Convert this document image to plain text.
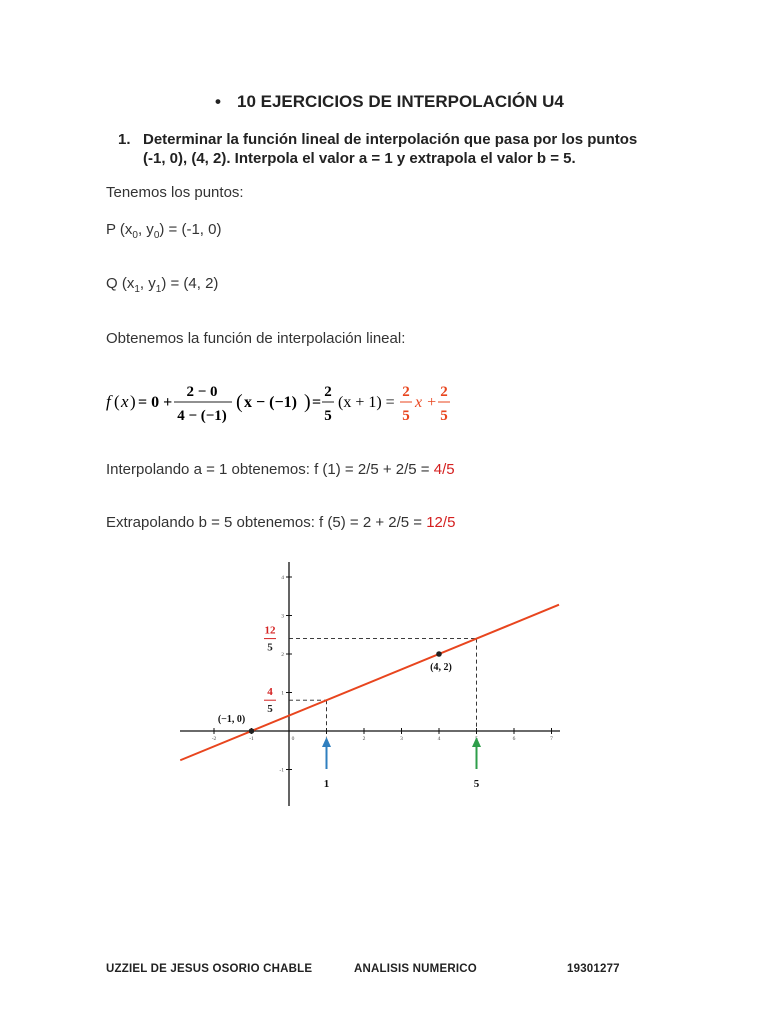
• 10 EJERCICIOS DE INTERPOLACIÓN U4
1. Determinar la función lineal de interpolación que pasa por los puntos
(-1, 0), (4, 2). Interpola el valor a = 1 y extrapola el valor b = 5.
Tenemos los puntos:
P ($x_0$, $y_0) = (-1$, 0)
Q ($x_1$, $y_1) = (4$, 2)
Obtenemos la función de interpolación lineal:
f ( x ) = 0 +
2 − 0
4 − (−1)
( x − (−1) ) =
2
5
(x + 1) =
2
5
x +
2
5
Interpolando a = 1 obtenemos: f (1) = 2/5 + 2/5 = 4/5
Extrapolando b = 5 obtenemos: f (5) = 2 + 2/5 = 12/5
-2	-1	0	2	3	4	6	7
-1
1
2
3
4
(−1, 0)
(4, 2)
4
5
12
5
1	5
UZZIEL DE JESUS OSORIO CHABLE	ANALISIS NUMERICO	19301277
